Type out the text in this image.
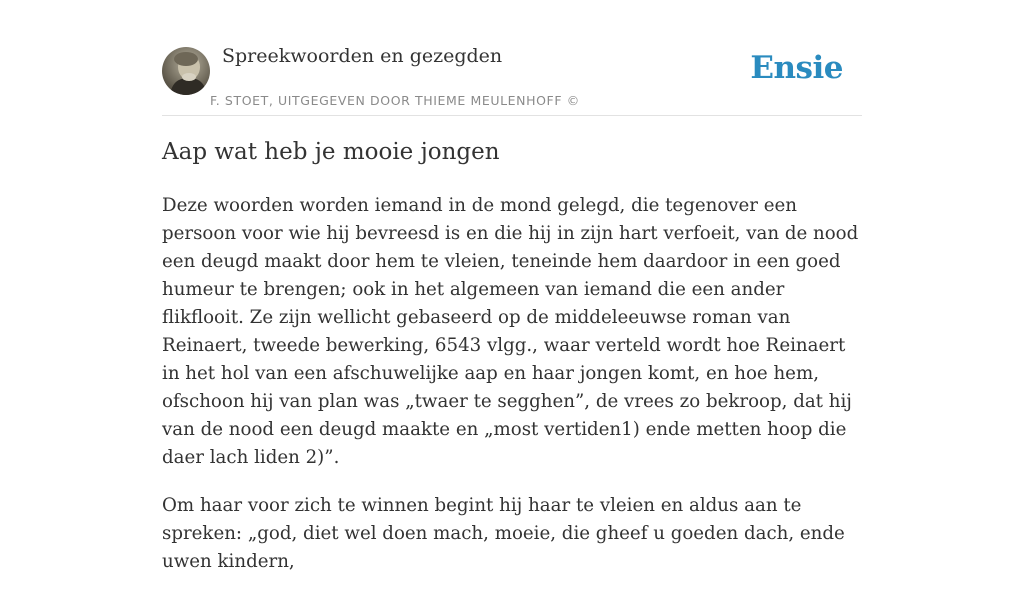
Spreekwoorden en gezegden
F. STOET, UITGEGEVEN DOOR THIEME MEULENHOFF ©
Ensie
Aap wat heb je mooie jongen

Deze woorden worden iemand in de mond gelegd, die tegenover een persoon voor wie hij bevreesd is en die hij in zijn hart verfoeit, van de nood een deugd maakt door hem te vleien, teneinde hem daardoor in een goed humeur te brengen; ook in het algemeen van iemand die een ander flikflooit. Ze zijn wellicht gebaseerd op de middeleeuwse roman van Reinaert, tweede bewerking, 6543 vlgg., waar verteld wordt hoe Reinaert in het hol van een afschuwelijke aap en haar jongen komt, en hoe hem, ofschoon hij van plan was „twaer te segghen”, de vrees zo bekroop, dat hij van de nood een deugd maakte en „most vertiden1) ende metten hoop die daer lach liden 2)”.

Om haar voor zich te winnen begint hij haar te vleien en aldus aan te spreken: „god, diet wel doen mach, moeie, die gheef u goeden dach, ende uwen kindern,
